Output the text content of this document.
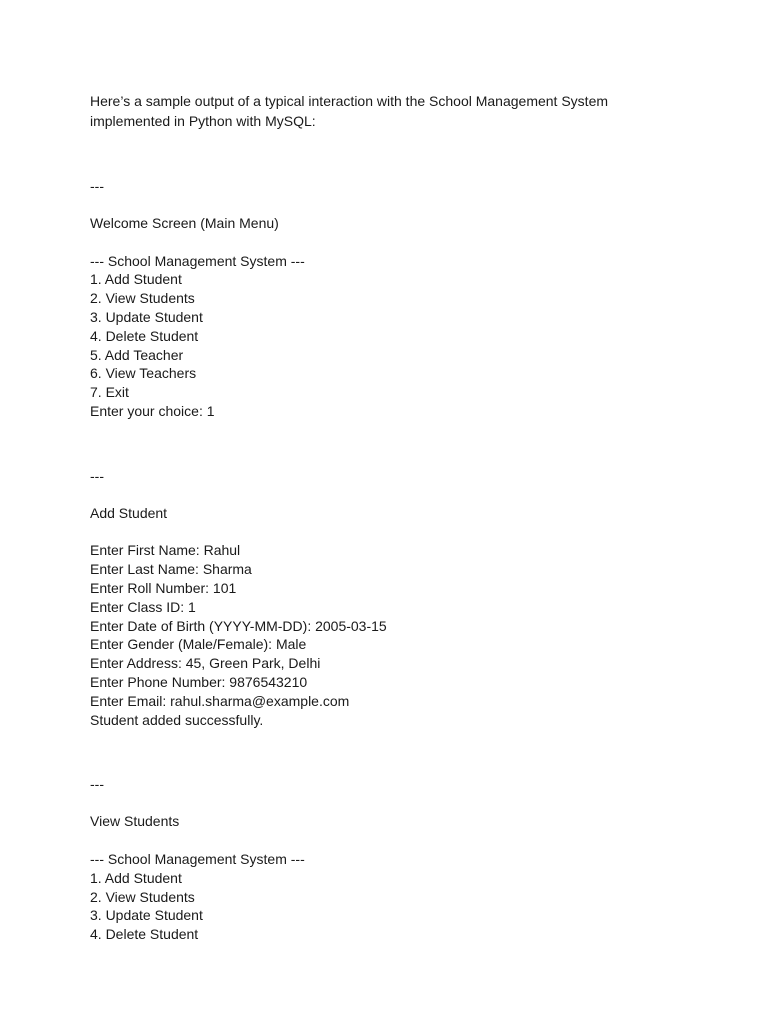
Here’s a sample output of a typical interaction with the School Management System
implemented in Python with MySQL:
---
Welcome Screen (Main Menu)
--- School Management System ---
1. Add Student
2. View Students
3. Update Student
4. Delete Student
5. Add Teacher
6. View Teachers
7. Exit
Enter your choice: 1
---
Add Student
Enter First Name: Rahul
Enter Last Name: Sharma
Enter Roll Number: 101
Enter Class ID: 1
Enter Date of Birth (YYYY-MM-DD): 2005-03-15
Enter Gender (Male/Female): Male
Enter Address: 45, Green Park, Delhi
Enter Phone Number: 9876543210
Enter Email: rahul.sharma@example.com
Student added successfully.
---
View Students
--- School Management System ---
1. Add Student
2. View Students
3. Update Student
4. Delete Student
